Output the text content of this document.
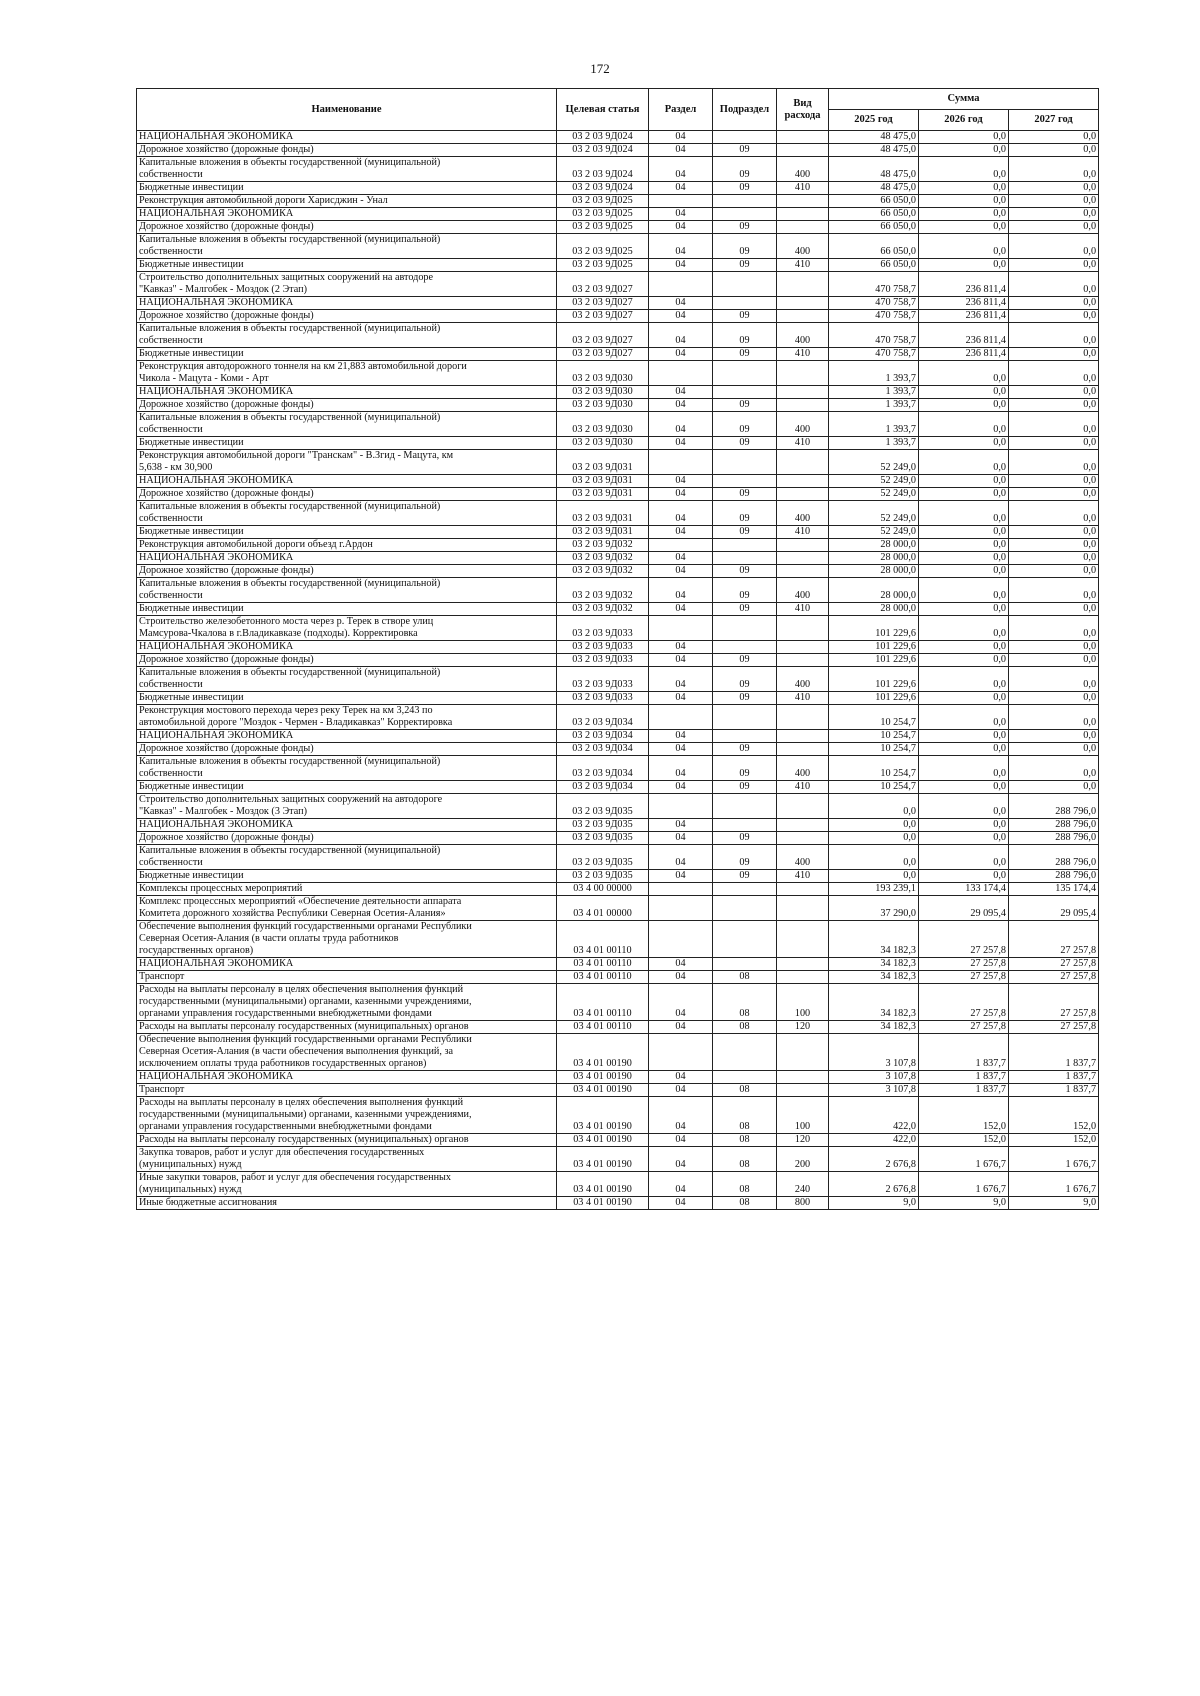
172
Наименование	Целевая статья	Раздел	Подраздел	Вид расхода	Сумма		
					2025 год	2026 год	2027 год
НАЦИОНАЛЬНАЯ ЭКОНОМИКА	03 2 03 9Д024	04			48 475,0	0,0	0,0
Дорожное хозяйство (дорожные фонды)	03 2 03 9Д024	04	09		48 475,0	0,0	0,0
Капитальные вложения в объекты государственной (муниципальной)
собственности	03 2 03 9Д024	04	09	400	48 475,0	0,0	0,0
Бюджетные инвестиции	03 2 03 9Д024	04	09	410	48 475,0	0,0	0,0
Реконструкция автомобильной дороги Харисджин - Унал	03 2 03 9Д025				66 050,0	0,0	0,0
НАЦИОНАЛЬНАЯ ЭКОНОМИКА	03 2 03 9Д025	04			66 050,0	0,0	0,0
Дорожное хозяйство (дорожные фонды)	03 2 03 9Д025	04	09		66 050,0	0,0	0,0
Капитальные вложения в объекты государственной (муниципальной)
собственности	03 2 03 9Д025	04	09	400	66 050,0	0,0	0,0
Бюджетные инвестиции	03 2 03 9Д025	04	09	410	66 050,0	0,0	0,0
Строительство дополнительных защитных сооружений на автодоре
"Кавказ" - Малгобек - Моздок (2 Этап)	03 2 03 9Д027				470 758,7	236 811,4	0,0
НАЦИОНАЛЬНАЯ ЭКОНОМИКА	03 2 03 9Д027	04			470 758,7	236 811,4	0,0
Дорожное хозяйство (дорожные фонды)	03 2 03 9Д027	04	09		470 758,7	236 811,4	0,0
Капитальные вложения в объекты государственной (муниципальной)
собственности	03 2 03 9Д027	04	09	400	470 758,7	236 811,4	0,0
Бюджетные инвестиции	03 2 03 9Д027	04	09	410	470 758,7	236 811,4	0,0
Реконструкция автодорожного тоннеля на км 21,883 автомобильной дороги
Чикола - Мацута - Коми - Арт	03 2 03 9Д030				1 393,7	0,0	0,0
НАЦИОНАЛЬНАЯ ЭКОНОМИКА	03 2 03 9Д030	04			1 393,7	0,0	0,0
Дорожное хозяйство (дорожные фонды)	03 2 03 9Д030	04	09		1 393,7	0,0	0,0
Капитальные вложения в объекты государственной (муниципальной)
собственности	03 2 03 9Д030	04	09	400	1 393,7	0,0	0,0
Бюджетные инвестиции	03 2 03 9Д030	04	09	410	1 393,7	0,0	0,0
Реконструкция автомобильной дороги "Транскам" - В.Згид - Мацута, км
5,638 - км 30,900	03 2 03 9Д031				52 249,0	0,0	0,0
НАЦИОНАЛЬНАЯ ЭКОНОМИКА	03 2 03 9Д031	04			52 249,0	0,0	0,0
Дорожное хозяйство (дорожные фонды)	03 2 03 9Д031	04	09		52 249,0	0,0	0,0
Капитальные вложения в объекты государственной (муниципальной)
собственности	03 2 03 9Д031	04	09	400	52 249,0	0,0	0,0
Бюджетные инвестиции	03 2 03 9Д031	04	09	410	52 249,0	0,0	0,0
Реконструкция автомобильной дороги объезд г.Ардон	03 2 03 9Д032				28 000,0	0,0	0,0
НАЦИОНАЛЬНАЯ ЭКОНОМИКА	03 2 03 9Д032	04			28 000,0	0,0	0,0
Дорожное хозяйство (дорожные фонды)	03 2 03 9Д032	04	09		28 000,0	0,0	0,0
Капитальные вложения в объекты государственной (муниципальной)
собственности	03 2 03 9Д032	04	09	400	28 000,0	0,0	0,0
Бюджетные инвестиции	03 2 03 9Д032	04	09	410	28 000,0	0,0	0,0
Строительство железобетонного моста через р. Терек в створе улиц
Мамсурова-Чкалова в г.Владикавказе (подходы). Корректировка	03 2 03 9Д033				101 229,6	0,0	0,0
НАЦИОНАЛЬНАЯ ЭКОНОМИКА	03 2 03 9Д033	04			101 229,6	0,0	0,0
Дорожное хозяйство (дорожные фонды)	03 2 03 9Д033	04	09		101 229,6	0,0	0,0
Капитальные вложения в объекты государственной (муниципальной)
собственности	03 2 03 9Д033	04	09	400	101 229,6	0,0	0,0
Бюджетные инвестиции	03 2 03 9Д033	04	09	410	101 229,6	0,0	0,0
Реконструкция мостового перехода через реку Терек на км 3,243 по
автомобильной дороге "Моздок - Чермен - Владикавказ" Корректировка	03 2 03 9Д034				10 254,7	0,0	0,0
НАЦИОНАЛЬНАЯ ЭКОНОМИКА	03 2 03 9Д034	04			10 254,7	0,0	0,0
Дорожное хозяйство (дорожные фонды)	03 2 03 9Д034	04	09		10 254,7	0,0	0,0
Капитальные вложения в объекты государственной (муниципальной)
собственности	03 2 03 9Д034	04	09	400	10 254,7	0,0	0,0
Бюджетные инвестиции	03 2 03 9Д034	04	09	410	10 254,7	0,0	0,0
Строительство дополнительных защитных сооружений на автодороге
"Кавказ" - Малгобек - Моздок (3 Этап)	03 2 03 9Д035				0,0	0,0	288 796,0
НАЦИОНАЛЬНАЯ ЭКОНОМИКА	03 2 03 9Д035	04			0,0	0,0	288 796,0
Дорожное хозяйство (дорожные фонды)	03 2 03 9Д035	04	09		0,0	0,0	288 796,0
Капитальные вложения в объекты государственной (муниципальной)
собственности	03 2 03 9Д035	04	09	400	0,0	0,0	288 796,0
Бюджетные инвестиции	03 2 03 9Д035	04	09	410	0,0	0,0	288 796,0
Комплексы процессных мероприятий	03 4 00 00000				193 239,1	133 174,4	135 174,4
Комплекс процессных мероприятий «Обеспечение деятельности аппарата
Комитета дорожного хозяйства Республики Северная Осетия-Алания»	03 4 01 00000				37 290,0	29 095,4	29 095,4
Обеспечение выполнения функций государственными органами Республики
Северная Осетия-Алания (в части оплаты труда работников
государственных органов)	03 4 01 00110				34 182,3	27 257,8	27 257,8
НАЦИОНАЛЬНАЯ ЭКОНОМИКА	03 4 01 00110	04			34 182,3	27 257,8	27 257,8
Транспорт	03 4 01 00110	04	08		34 182,3	27 257,8	27 257,8
Расходы на выплаты персоналу в целях обеспечения выполнения функций
государственными (муниципальными) органами, казенными учреждениями,
органами управления государственными внебюджетными фондами	03 4 01 00110	04	08	100	34 182,3	27 257,8	27 257,8
Расходы на выплаты персоналу государственных (муниципальных) органов	03 4 01 00110	04	08	120	34 182,3	27 257,8	27 257,8
Обеспечение выполнения функций государственными органами Республики
Северная Осетия-Алания (в части обеспечения выполнения функций, за
исключением оплаты труда работников государственных органов)	03 4 01 00190				3 107,8	1 837,7	1 837,7
НАЦИОНАЛЬНАЯ ЭКОНОМИКА	03 4 01 00190	04			3 107,8	1 837,7	1 837,7
Транспорт	03 4 01 00190	04	08		3 107,8	1 837,7	1 837,7
Расходы на выплаты персоналу в целях обеспечения выполнения функций
государственными (муниципальными) органами, казенными учреждениями,
органами управления государственными внебюджетными фондами	03 4 01 00190	04	08	100	422,0	152,0	152,0
Расходы на выплаты персоналу государственных (муниципальных) органов	03 4 01 00190	04	08	120	422,0	152,0	152,0
Закупка товаров, работ и услуг для обеспечения государственных
(муниципальных) нужд	03 4 01 00190	04	08	200	2 676,8	1 676,7	1 676,7
Иные закупки товаров, работ и услуг для обеспечения государственных
(муниципальных) нужд	03 4 01 00190	04	08	240	2 676,8	1 676,7	1 676,7
Иные бюджетные ассигнования	03 4 01 00190	04	08	800	9,0	9,0	9,0
